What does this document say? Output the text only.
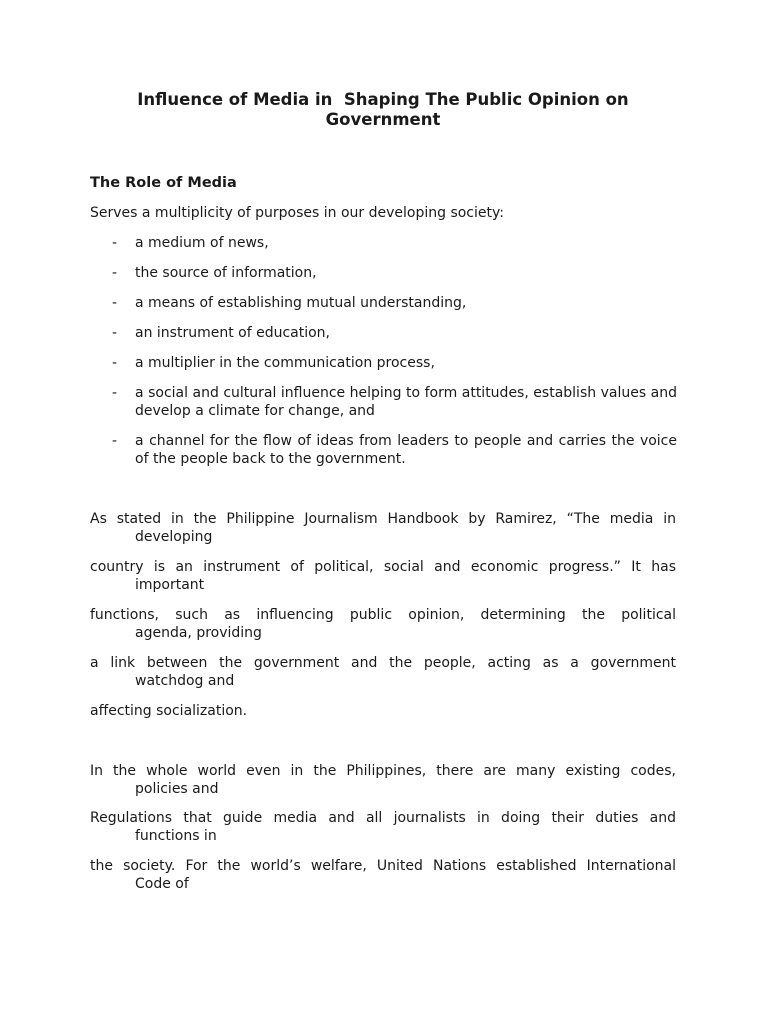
Influence of Media in  Shaping The Public Opinion on
Government
The Role of Media
Serves a multiplicity of purposes in our developing society:
- a medium of news,
- the source of information,
- a means of establishing mutual understanding,
- an instrument of education,
- a multiplier in the communication process,
- a social and cultural influence helping to form attitudes, establish values and develop a climate for change, and
- a channel for the flow of ideas from leaders to people and carries the voice of the people back to the government.
As stated in the Philippine Journalism Handbook by Ramirez, “The media in
developing
country is an instrument of political, social and economic progress.” It has
important
functions, such as influencing public opinion, determining the political
agenda, providing
a link between the government and the people, acting as a government
watchdog and
affecting socialization.
In the whole world even in the Philippines, there are many existing codes,
policies and
Regulations that guide media and all journalists in doing their duties and
functions in
the society. For the world’s welfare, United Nations established International
Code of
